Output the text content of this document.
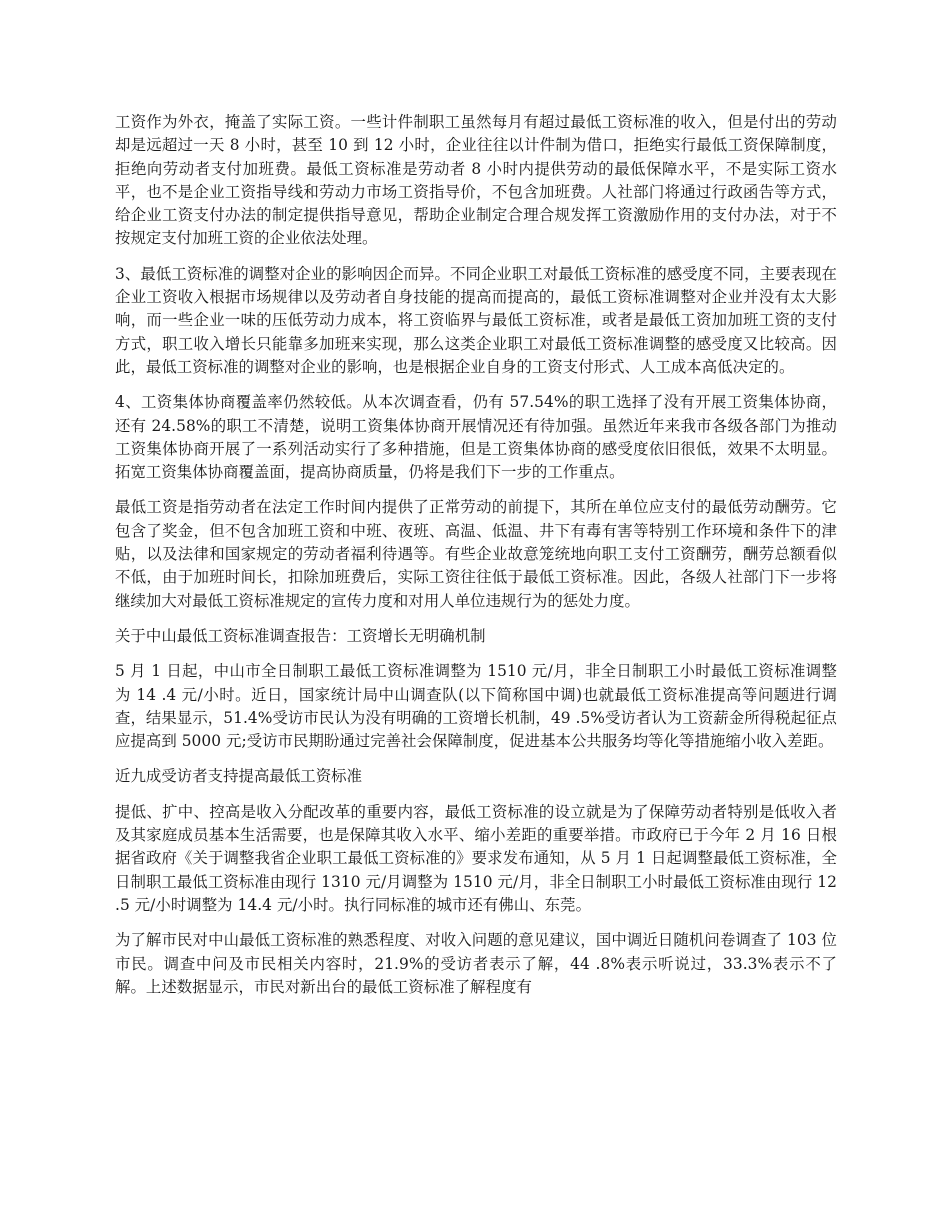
工资作为外衣，掩盖了实际工资。一些计件制职工虽然每月有超过最低工资标准的收入，但是付出的劳动却是远超过一天 8 小时，甚至 10 到 12 小时，企业往往以计件制为借口，拒绝实行最低工资保障制度，拒绝向劳动者支付加班费。最低工资标准是劳动者 8 小时内提供劳动的最低保障水平，不是实际工资水平，也不是企业工资指导线和劳动力市场工资指导价，不包含加班费。人社部门将通过行政函告等方式，给企业工资支付办法的制定提供指导意见，帮助企业制定合理合规发挥工资激励作用的支付办法，对于不按规定支付加班工资的企业依法处理。

3、最低工资标准的调整对企业的影响因企而异。不同企业职工对最低工资标准的感受度不同，主要表现在企业工资收入根据市场规律以及劳动者自身技能的提高而提高的，最低工资标准调整对企业并没有太大影响，而一些企业一味的压低劳动力成本，将工资临界与最低工资标准，或者是最低工资加加班工资的支付方式，职工收入增长只能靠多加班来实现，那么这类企业职工对最低工资标准调整的感受度又比较高。因此，最低工资标准的调整对企业的影响，也是根据企业自身的工资支付形式、人工成本高低决定的。

4、工资集体协商覆盖率仍然较低。从本次调查看，仍有 57.54%的职工选择了没有开展工资集体协商，还有 24.58%的职工不清楚，说明工资集体协商开展情况还有待加强。虽然近年来我市各级各部门为推动工资集体协商开展了一系列活动实行了多种措施，但是工资集体协商的感受度依旧很低，效果不太明显。拓宽工资集体协商覆盖面，提高协商质量，仍将是我们下一步的工作重点。

最低工资是指劳动者在法定工作时间内提供了正常劳动的前提下，其所在单位应支付的最低劳动酬劳。它包含了奖金，但不包含加班工资和中班、夜班、高温、低温、井下有毒有害等特别工作环境和条件下的津贴，以及法律和国家规定的劳动者福利待遇等。有些企业故意笼统地向职工支付工资酬劳，酬劳总额看似不低，由于加班时间长，扣除加班费后，实际工资往往低于最低工资标准。因此，各级人社部门下一步将继续加大对最低工资标准规定的宣传力度和对用人单位违规行为的惩处力度。

关于中山最低工资标准调查报告：工资增长无明确机制

5 月 1 日起，中山市全日制职工最低工资标准调整为 1510 元/月，非全日制职工小时最低工资标准调整为 14 .4 元/小时。近日，国家统计局中山调查队(以下简称国中调)也就最低工资标准提高等问题进行调查，结果显示，51.4%受访市民认为没有明确的工资增长机制，49 .5%受访者认为工资薪金所得税起征点应提高到 5000 元;受访市民期盼通过完善社会保障制度，促进基本公共服务均等化等措施缩小收入差距。

近九成受访者支持提高最低工资标准

提低、扩中、控高是收入分配改革的重要内容，最低工资标准的设立就是为了保障劳动者特别是低收入者及其家庭成员基本生活需要，也是保障其收入水平、缩小差距的重要举措。市政府已于今年 2 月 16 日根据省政府《关于调整我省企业职工最低工资标准的》要求发布通知，从 5 月 1 日起调整最低工资标准，全日制职工最低工资标准由现行 1310 元/月调整为 1510 元/月，非全日制职工小时最低工资标准由现行 12 .5 元/小时调整为 14.4 元/小时。执行同标准的城市还有佛山、东莞。

为了解市民对中山最低工资标准的熟悉程度、对收入问题的意见建议，国中调近日随机问卷调查了 103 位市民。调查中问及市民相关内容时，21.9%的受访者表示了解，44 .8%表示听说过，33.3%表示不了解。上述数据显示，市民对新出台的最低工资标准了解程度有
